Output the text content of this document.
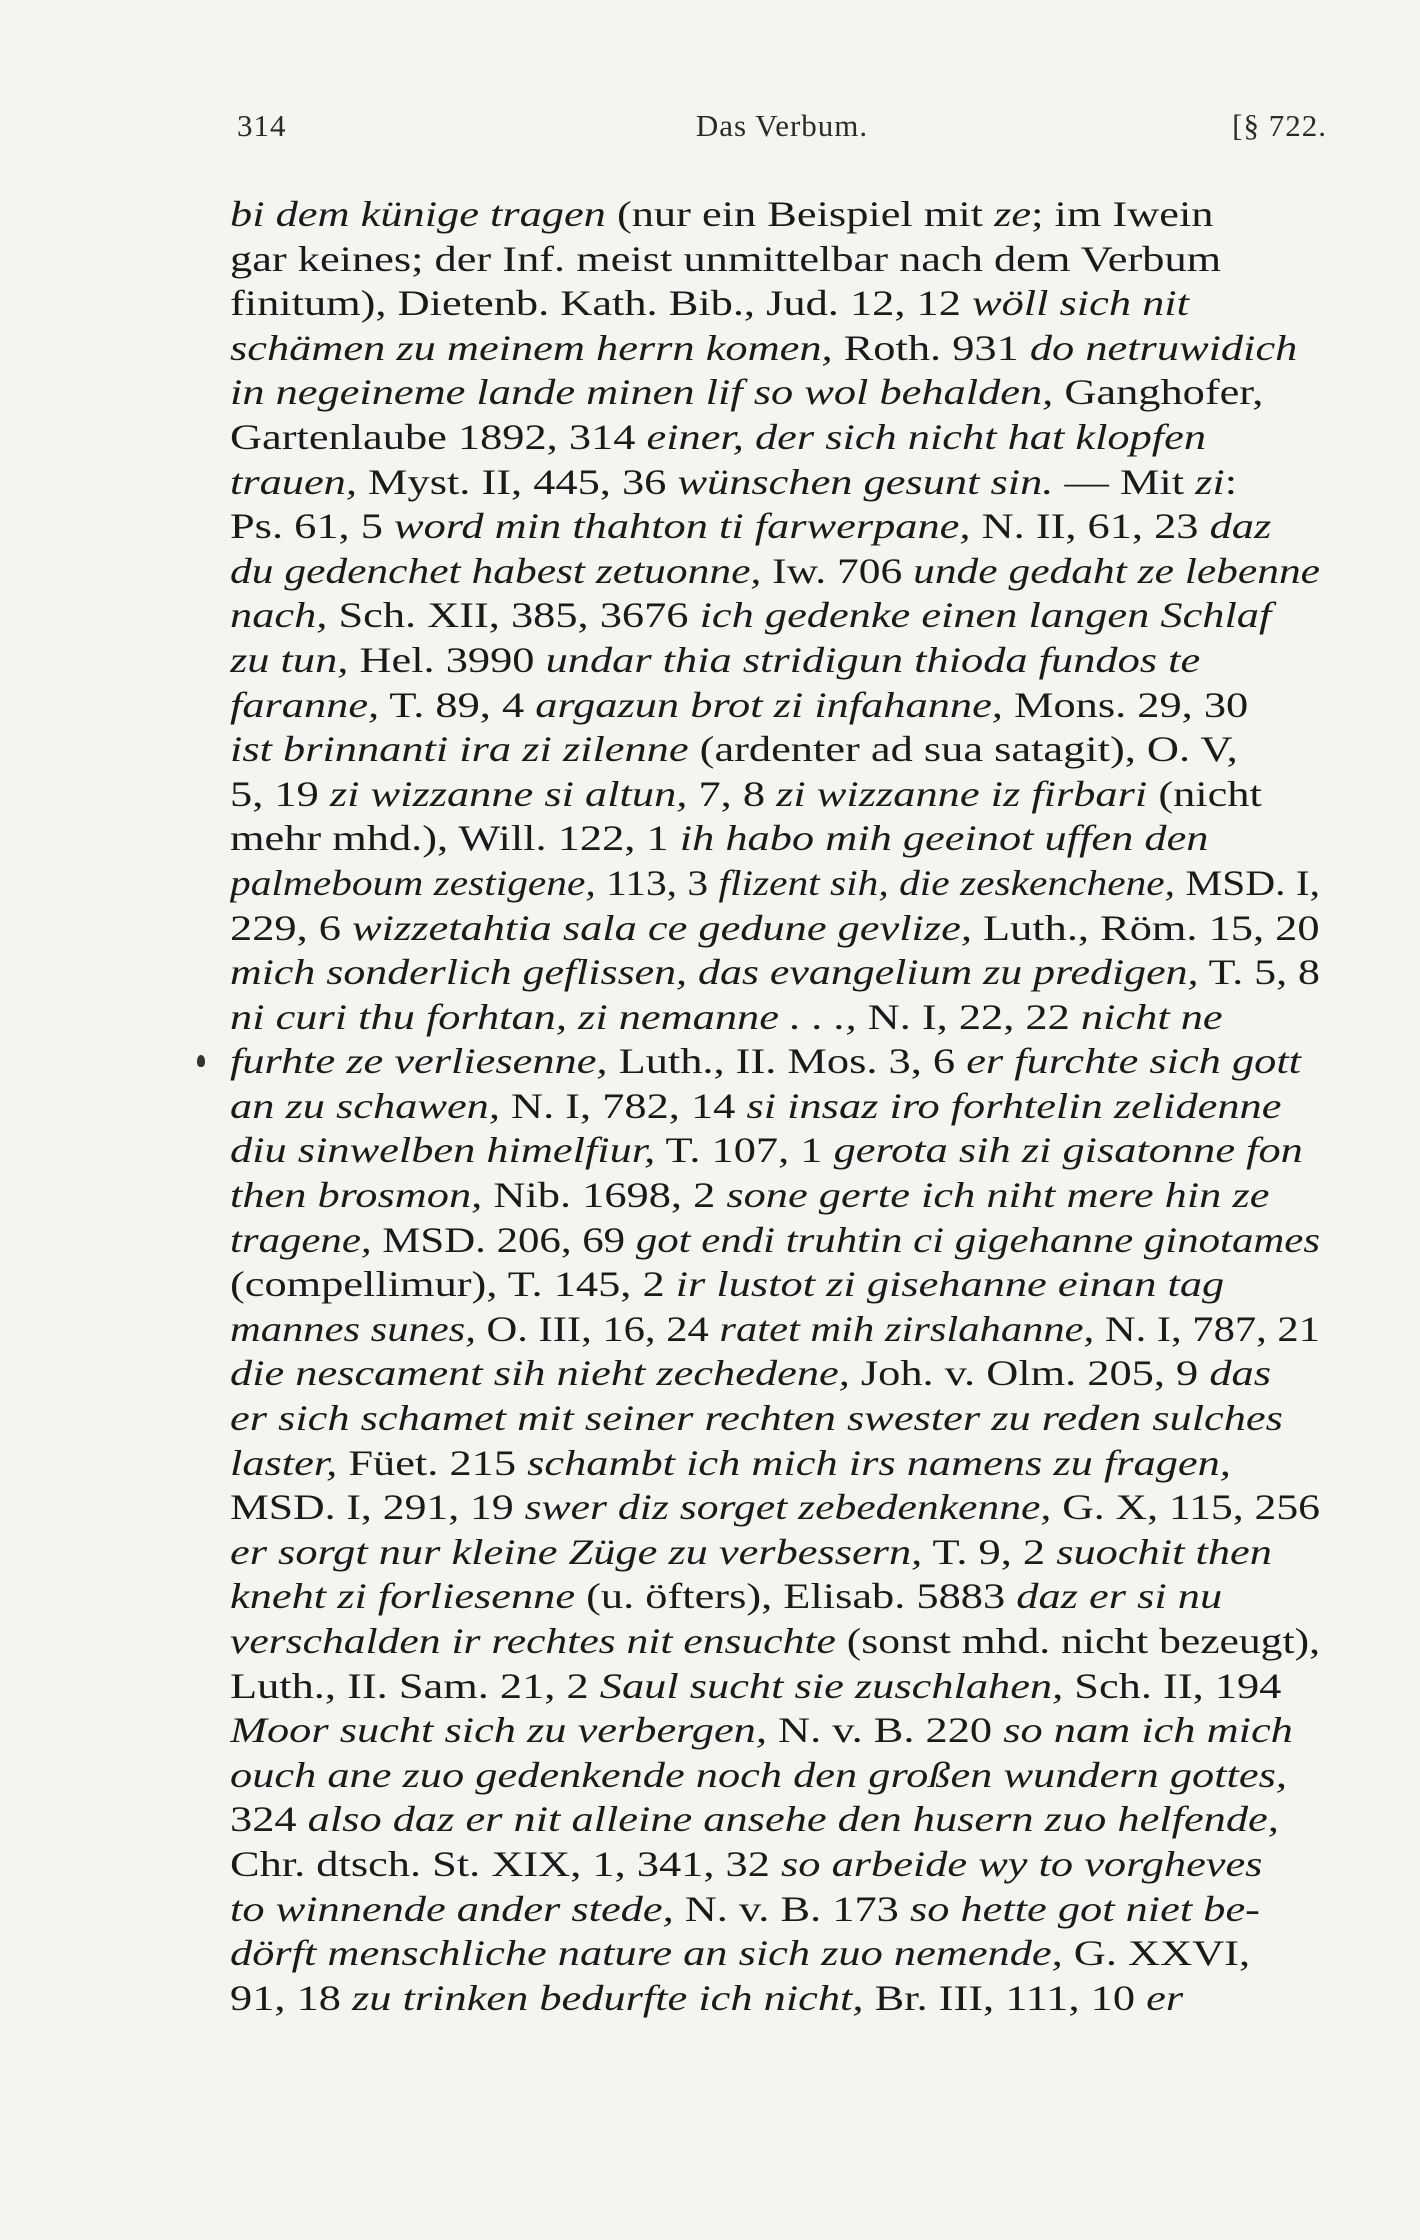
314	Das Verbum.	[§ 722.
bi dem künige tragen (nur ein Beispiel mit ze; im Iwein
gar keines; der Inf. meist unmittelbar nach dem Verbum
finitum), Dietenb. Kath. Bib., Jud. 12, 12 wöll sich nit
schämen zu meinem herrn komen, Roth. 931 do netruwidich
in negeineme lande minen lif so wol behalden, Ganghofer,
Gartenlaube 1892, 314 einer, der sich nicht hat klopfen
trauen, Myst. II, 445, 36 wünschen gesunt sin. — Mit zi:
Ps. 61, 5 word min thahton ti farwerpane, N. II, 61, 23 daz
du gedenchet habest zetuonne, Iw. 706 unde gedaht ze lebenne
nach, Sch. XII, 385, 3676 ich gedenke einen langen Schlaf
zu tun, Hel. 3990 undar thia stridigun thioda fundos te
faranne, T. 89, 4 argazun brot zi infahanne, Mons. 29, 30
ist brinnanti ira zi zilenne (ardenter ad sua satagit), O. V,
5, 19 zi wizzanne si altun, 7, 8 zi wizzanne iz firbari (nicht
mehr mhd.), Will. 122, 1 ih habo mih geeinot uffen den
palmeboum zestigene, 113, 3 flizent sih, die zeskenchene, MSD. I,
229, 6 wizzetahtia sala ce gedune gevlize, Luth., Röm. 15, 20
mich sonderlich geflissen, das evangelium zu predigen, T. 5, 8
ni curi thu forhtan, zi nemanne . . ., N. I, 22, 22 nicht ne
furhte ze verliesenne, Luth., II. Mos. 3, 6 er furchte sich gott
an zu schawen, N. I, 782, 14 si insaz iro forhtelin zelidenne
diu sinwelben himelfiur, T. 107, 1 gerota sih zi gisatonne fon
then brosmon, Nib. 1698, 2 sone gerte ich niht mere hin ze
tragene, MSD. 206, 69 got endi truhtin ci gigehanne ginotames
(compellimur), T. 145, 2 ir lustot zi gisehanne einan tag
mannes sunes, O. III, 16, 24 ratet mih zirslahanne, N. I, 787, 21
die nescament sih nieht zechedene, Joh. v. Olm. 205, 9 das
er sich schamet mit seiner rechten swester zu reden sulches
laster, Füet. 215 schambt ich mich irs namens zu fragen,
MSD. I, 291, 19 swer diz sorget zebedenkenne, G. X, 115, 256
er sorgt nur kleine Züge zu verbessern, T. 9, 2 suochit then
kneht zi forliesenne (u. öfters), Elisab. 5883 daz er si nu
verschalden ir rechtes nit ensuchte (sonst mhd. nicht bezeugt),
Luth., II. Sam. 21, 2 Saul sucht sie zuschlahen, Sch. II, 194
Moor sucht sich zu verbergen, N. v. B. 220 so nam ich mich
ouch ane zuo gedenkende noch den großen wundern gottes,
324 also daz er nit alleine ansehe den husern zuo helfende,
Chr. dtsch. St. XIX, 1, 341, 32 so arbeide wy to vorgheves
to winnende ander stede, N. v. B. 173 so hette got niet be-
dörft menschliche nature an sich zuo nemende, G. XXVI,
91, 18 zu trinken bedurfte ich nicht, Br. III, 111, 10 er
